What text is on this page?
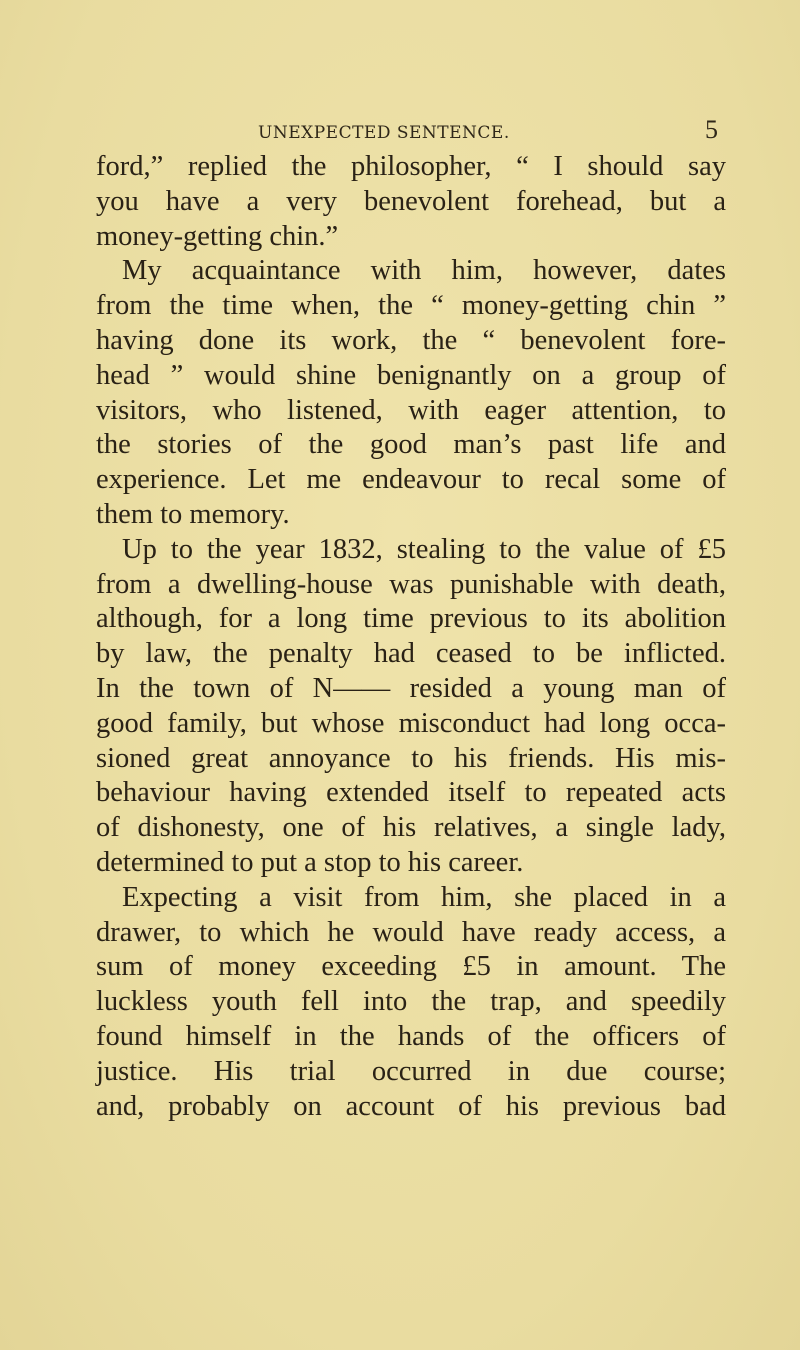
UNEXPECTED SENTENCE.	5
ford,” replied the philosopher, “ I should say
you have a very benevolent forehead, but a
money-getting chin.”
My acquaintance with him, however, dates
from the time when, the “ money-getting chin ”
having done its work, the “ benevolent fore-
head ” would shine benignantly on a group of
visitors, who listened, with eager attention, to
the stories of the good man’s past life and
experience. Let me endeavour to recal some of
them to memory.
Up to the year 1832, stealing to the value of £5
from a dwelling-house was punishable with death,
although, for a long time previous to its abolition
by law, the penalty had ceased to be inflicted.
In the town of N—— resided a young man of
good family, but whose misconduct had long occa-
sioned great annoyance to his friends. His mis-
behaviour having extended itself to repeated acts
of dishonesty, one of his relatives, a single lady,
determined to put a stop to his career.
Expecting a visit from him, she placed in a
drawer, to which he would have ready access, a
sum of money exceeding £5 in amount. The
luckless youth fell into the trap, and speedily
found himself in the hands of the officers of
justice. His trial occurred in due course;
and, probably on account of his previous bad
